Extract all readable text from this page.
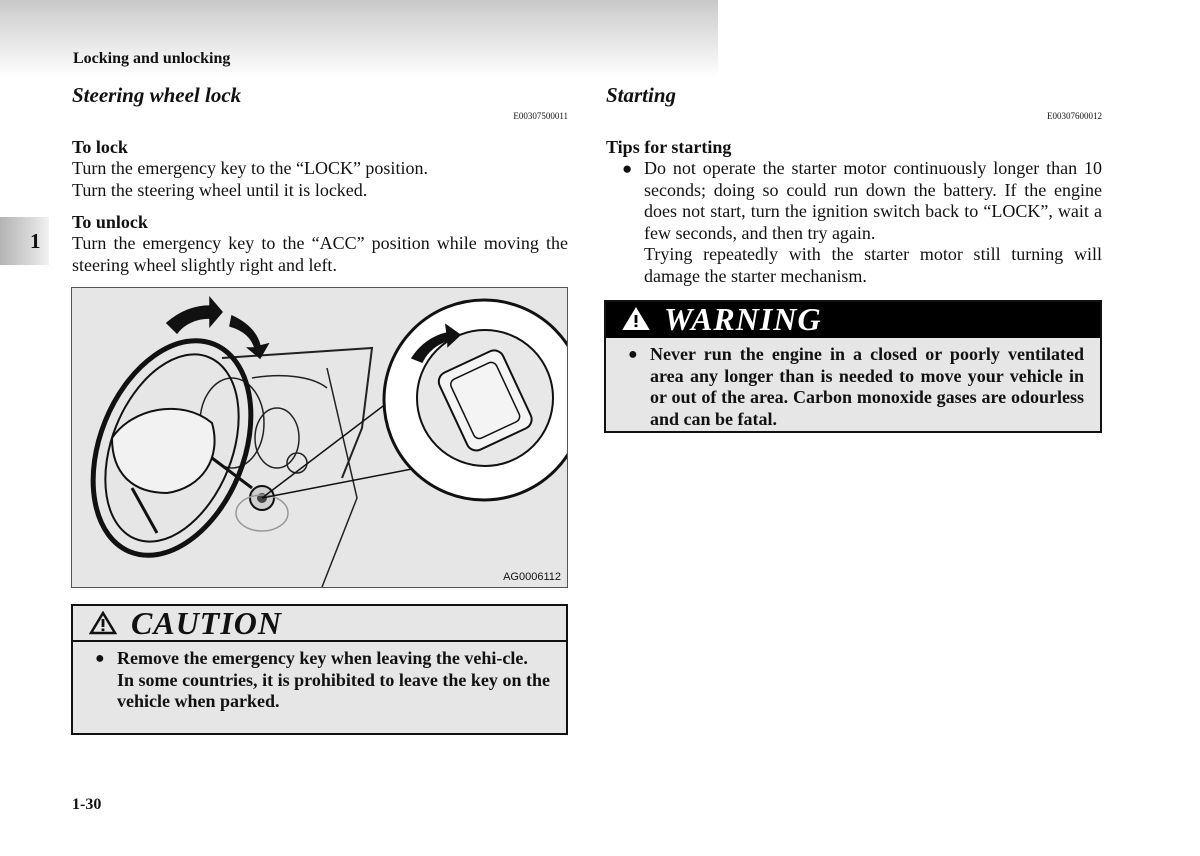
Locking and unlocking
1
Steering wheel lock
E00307500011

To lock

Turn the emergency key to the “LOCK” position.

Turn the steering wheel until it is locked.

To unlock

Turn the emergency key to the “ACC” position while moving the steering wheel slightly right and left.

AG0006112
CAUTION
● Remove the emergency key when leaving the vehi-cle.
In some countries, it is prohibited to leave the key on the vehicle when parked.
Starting
E00307600012

Tips for starting

● Do not operate the starter motor continuously longer than 10 seconds; doing so could run down the battery. If the engine does not start, turn the ignition switch back to “LOCK”, wait a few seconds, and then try again.

Trying repeatedly with the starter motor still turning will damage the starter mechanism.

WARNING
● Never run the engine in a closed or poorly ventilated area any longer than is needed to move your vehicle in or out of the area. Carbon monoxide gases are odourless and can be fatal.
1-30
